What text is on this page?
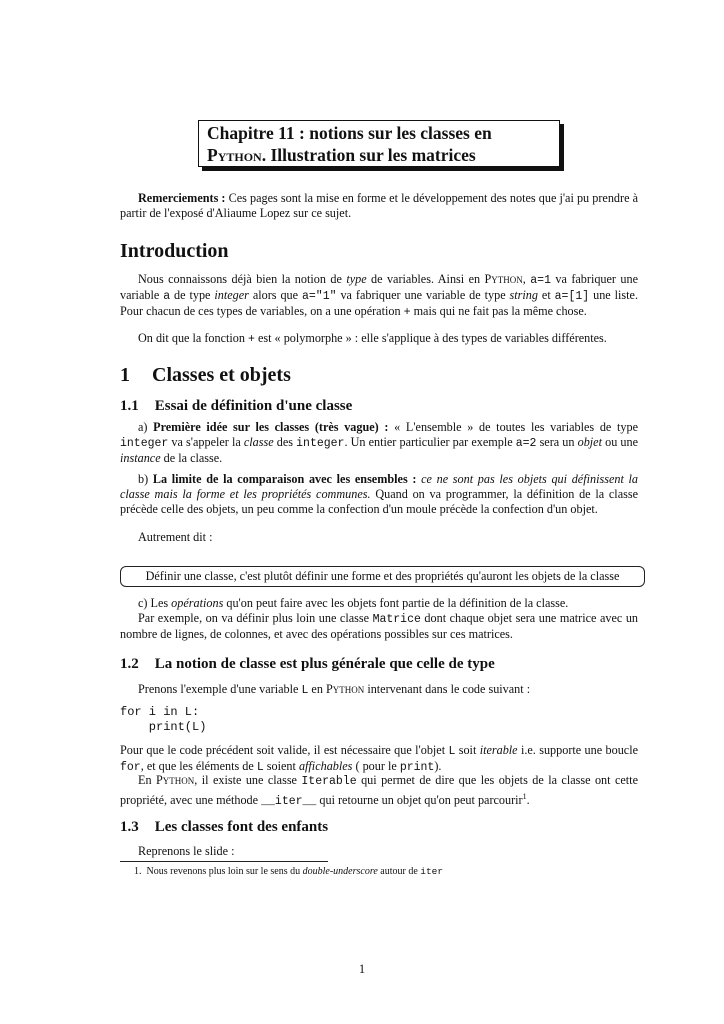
Chapitre 11 : notions sur les classes en
Python. Illustration sur les matrices
Remerciements : Ces pages sont la mise en forme et le développement des notes que j'ai pu prendre à partir de l'exposé d'Aliaume Lopez sur ce sujet.
Introduction
Nous connaissons déjà bien la notion de type de variables. Ainsi en Python, a=1 va fabriquer une variable a de type integer alors que a="1" va fabriquer une variable de type string et a=[1] une liste. Pour chacun de ces types de variables, on a une opération + mais qui ne fait pas la même chose.
On dit que la fonction + est « polymorphe » : elle s'applique à des types de variables différentes.
1 Classes et objets
1.1 Essai de définition d'une classe
a) Première idée sur les classes (très vague) : « L'ensemble » de toutes les variables de type integer va s'appeler la classe des integer. Un entier particulier par exemple a=2 sera un objet ou une instance de la classe.
b) La limite de la comparaison avec les ensembles : ce ne sont pas les objets qui définissent la classe mais la forme et les propriétés communes. Quand on va programmer, la définition de la classe précède celle des objets, un peu comme la confection d'un moule précède la confection d'un objet.
Autrement dit :
Définir une classe, c'est plutôt définir une forme et des propriétés qu'auront les objets de la classe
c) Les opérations qu'on peut faire avec les objets font partie de la définition de la classe.
Par exemple, on va définir plus loin une classe Matrice dont chaque objet sera une matrice avec un nombre de lignes, de colonnes, et avec des opérations possibles sur ces matrices.
1.2 La notion de classe est plus générale que celle de type
Prenons l'exemple d'une variable L en Python intervenant dans le code suivant :
for i in L:
print(L)
Pour que le code précédent soit valide, il est nécessaire que l'objet L soit iterable i.e. supporte une boucle for, et que les éléments de L soient affichables ( pour le print).
En Python, il existe une classe Iterable qui permet de dire que les objets de la classe ont cette propriété, avec une méthode __iter__ qui retourne un objet qu'on peut parcourir$^1$.
1.3 Les classes font des enfants
Reprenons le slide :
1. Nous revenons plus loin sur le sens du double-underscore autour de iter
1
